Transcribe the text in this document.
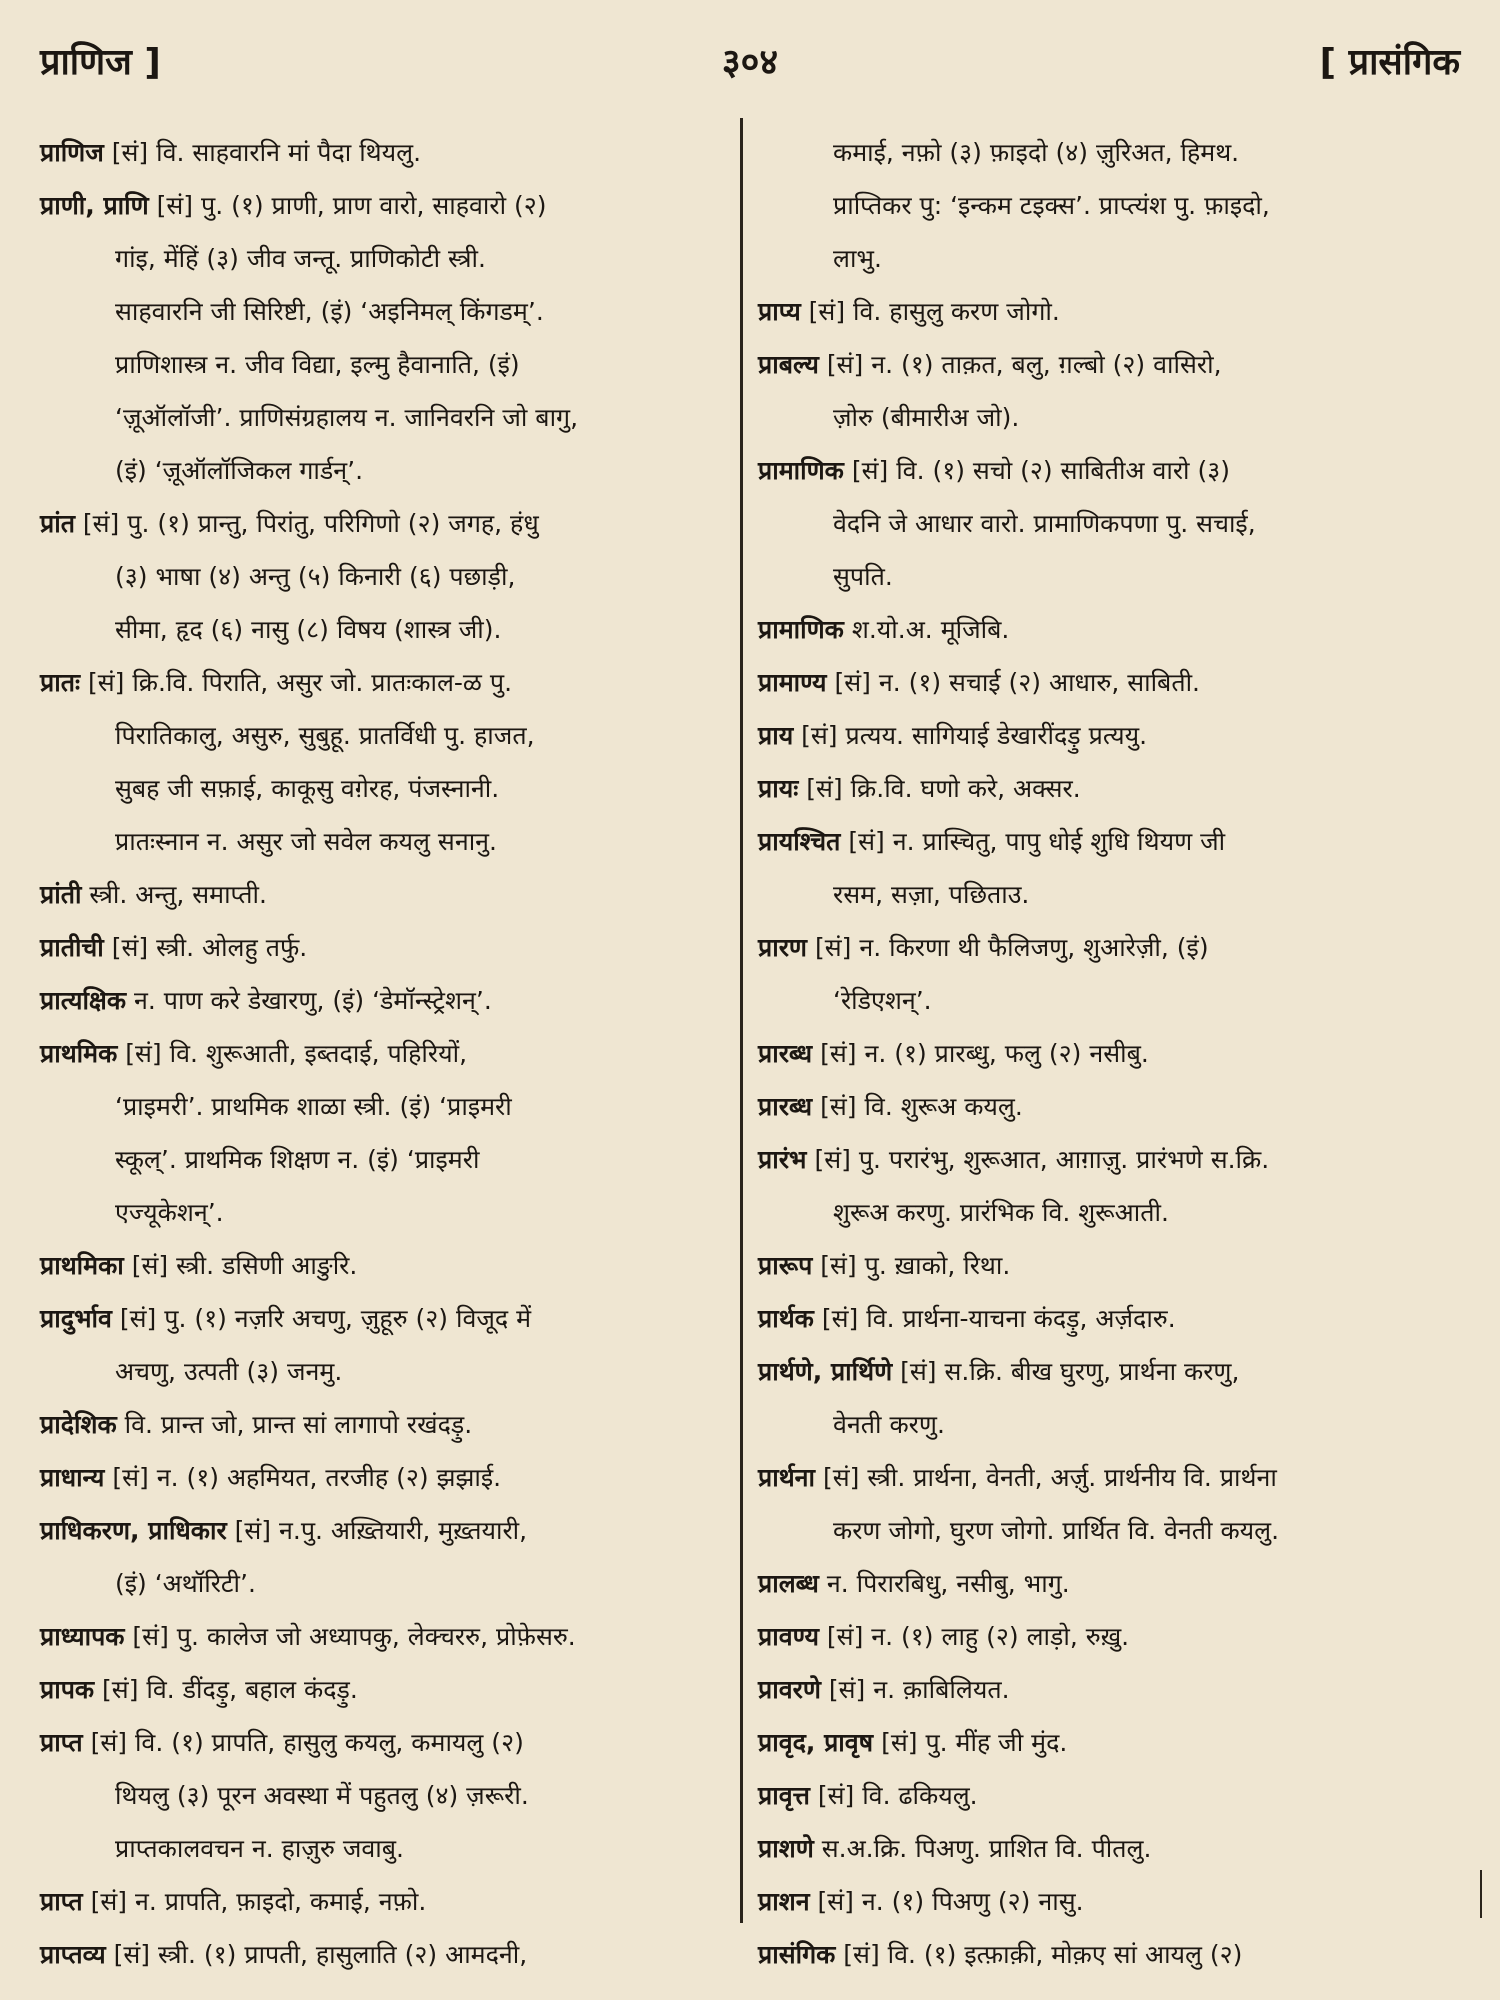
प्राणिज ]	३०४	[ प्रासंगिक
प्राणिज [सं] वि. साहवारनि मां पैदा थियलु.
प्राणी, प्राणि [सं] पु. (१) प्राणी, प्राण वारो, साहवारो (२)
गांइ, मेंहिं (३) जीव जन्तू. प्राणिकोटी स्त्री.
साहवारनि जी सिरिष्टी, (इं) ‘अइनिमल् किंगडम्’.
प्राणिशास्त्र न. जीव विद्या, इल्मु हैवानाति, (इं)
‘ज़ूऑलॉजी’. प्राणिसंग्रहालय न. जानिवरनि जो बागु,
(इं) ‘ज़ूऑलॉजिकल गार्डन्’.
प्रांत [सं] पु. (१) प्रान्तु, पिरांतु, परिगिणो (२) जगह, हंधु
(३) भाषा (४) अन्तु (५) किनारी (६) पछाड़ी,
सीमा, हृद (६) नासु (८) विषय (शास्त्र जी).
प्रातः [सं] क्रि.वि. पिराति, असुर जो. प्रातःकाल-ळ पु.
पिरातिकालु, असुरु, सुबुहू. प्रातर्विधी पु. हाजत,
सुबह जी सफ़ाई, काकूसु वग़ेरह, पंजस्नानी.
प्रातःस्नान न. असुर जो सवेल कयलु सनानु.
प्रांती स्त्री. अन्तु, समाप्ती.
प्रातीची [सं] स्त्री. ओलहु तर्फु.
प्रात्यक्षिक न. पाण करे डेखारणु, (इं) ‘डेमॉन्स्ट्रेशन्’.
प्राथमिक [सं] वि. शुरूआती, इब्तदाई, पहिरियों,
‘प्राइमरी’. प्राथमिक शाळा स्त्री. (इं) ‘प्राइमरी
स्कूल्’. प्राथमिक शिक्षण न. (इं) ‘प्राइमरी
एज्यूकेशन्’.
प्राथमिका [सं] स्त्री. डसिणी आङुरि.
प्रादुर्भाव [सं] पु. (१) नज़रि अचणु, ज़ुहूरु (२) विजूद में
अचणु, उत्पती (३) जनमु.
प्रादेशिक वि. प्रान्त जो, प्रान्त सां लागापो रखंदड़ु.
प्राधान्य [सं] न. (१) अहमियत, तरजीह (२) झझाई.
प्राधिकरण, प्राधिकार [सं] न.पु. अख़्तियारी, मुख़्तयारी,
(इं) ‘अथॉरिटी’.
प्राध्यापक [सं] पु. कालेज जो अध्यापकु, लेक्चररु, प्रोफ़ेसरु.
प्रापक [सं] वि. डींदड़ु, बहाल कंदड़ु.
प्राप्त [सं] वि. (१) प्रापति, हासुलु कयलु, कमायलु (२)
थियलु (३) पूरन अवस्था में पहुतलु (४) ज़रूरी.
प्राप्तकालवचन न. हाज़ुरु जवाबु.
प्राप्त [सं] न. प्रापति, फ़ाइदो, कमाई, नफ़ो.
प्राप्तव्य [सं] स्त्री. (१) प्रापती, हासुलाति (२) आमदनी,
कमाई, नफ़ो (३) फ़ाइदो (४) ज़ुरिअत, हिमथ.
प्राप्तिकर पु: ‘इन्कम टइक्स’. प्राप्त्यंश पु. फ़ाइदो,
लाभु.
प्राप्य [सं] वि. हासुलु करण जोगो.
प्राबल्य [सं] न. (१) ताक़त, बलु, ग़ल्बो (२) वासिरो,
ज़ोरु (बीमारीअ जो).
प्रामाणिक [सं] वि. (१) सचो (२) साबितीअ वारो (३)
वेदनि जे आधार वारो. प्रामाणिकपणा पु. सचाई,
सुपति.
प्रामाणिक श.यो.अ. मूजिबि.
प्रामाण्य [सं] न. (१) सचाई (२) आधारु, साबिती.
प्राय [सं] प्रत्यय. सागियाई डेखारींदड़ु प्रत्ययु.
प्रायः [सं] क्रि.वि. घणो करे, अक्सर.
प्रायश्चित [सं] न. प्रास्चितु, पापु धोई शुधि थियण जी
रसम, सज़ा, पछिताउ.
प्रारण [सं] न. किरणा थी फैलिजणु, शुआरेज़ी, (इं)
‘रेडिएशन्’.
प्रारब्ध [सं] न. (१) प्रारब्धु, फलु (२) नसीबु.
प्रारब्ध [सं] वि. शुरूअ कयलु.
प्रारंभ [सं] पु. परारंभु, शुरूआत, आग़ाज़ु. प्रारंभणे स.क्रि.
शुरूअ करणु. प्रारंभिक वि. शुरूआती.
प्रारूप [सं] पु. ख़ाको, रिथा.
प्रार्थक [सं] वि. प्रार्थना-याचना कंदड़ु, अर्ज़दारु.
प्रार्थणे, प्रार्थिणे [सं] स.क्रि. बीख घुरणु, प्रार्थना करणु,
वेनती करणु.
प्रार्थना [सं] स्त्री. प्रार्थना, वेनती, अर्ज़ु. प्रार्थनीय वि. प्रार्थना
करण जोगो, घुरण जोगो. प्रार्थित वि. वेनती कयलु.
प्रालब्ध न. पिरारबिधु, नसीबु, भागु.
प्रावण्य [सं] न. (१) लाहु (२) लाड़ो, रुख़ु.
प्रावरणे [सं] न. क़ाबिलियत.
प्रावृद, प्रावृष [सं] पु. मींह जी मुंद.
प्रावृत्त [सं] वि. ढकियलु.
प्राशणे स.अ.क्रि. पिअणु. प्राशित वि. पीतलु.
प्राशन [सं] न. (१) पिअणु (२) नासु.
प्रासंगिक [सं] वि. (१) इत्फ़ाक़ी, मोक़ए सां आयलु (२)
